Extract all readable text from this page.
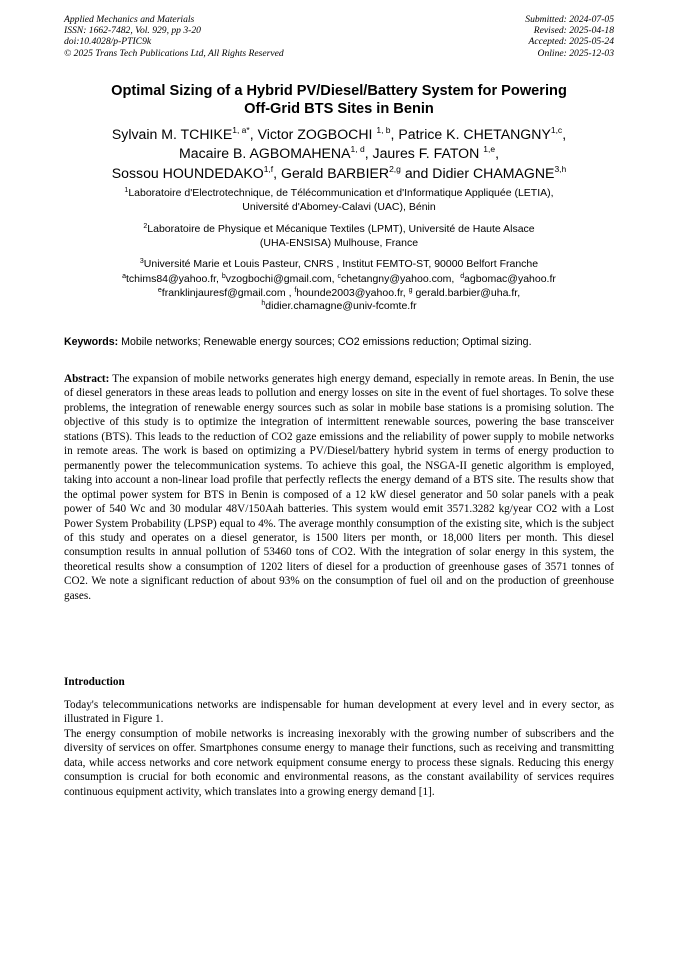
Applied Mechanics and Materials
ISSN: 1662-7482, Vol. 929, pp 3-20
doi:10.4028/p-PTIC9k
© 2025 Trans Tech Publications Ltd, All Rights Reserved
Submitted: 2024-07-05
Revised: 2025-04-18
Accepted: 2025-05-24
Online: 2025-12-03
Optimal Sizing of a Hybrid PV/Diesel/Battery System for Powering
Off-Grid BTS Sites in Benin
Sylvain M. $TCHIKE^{1, a*}$, Victor ZOGBOCHI $^{1, b}$, Patrice K. CHETANGNY$^{1,c}$,
Macaire B. AGBOMAHENA$^{1, d}$, Jaures F. FATON $^{1,e}$,
Sossou HOUNDEDAKO$^{1,f}$, Gerald BARBIER$^{2,g}$ and Didier CHAMAGNE$^{3,h}$
$^1$Laboratoire d'Electrotechnique, de Télécommunication et d'Informatique Appliquée (LETIA),
Université d'Abomey-Calavi (UAC), Bénin
$^2$Laboratoire de Physique et Mécanique Textiles (LPMT), Université de Haute Alsace
(UHA-ENSISA) Mulhouse, France
$^3$Université Marie et Louis Pasteur, CNRS , Institut FEMTO-ST, 90000 Belfort Franche
$^a$tchims84@yahoo.fr, $^b$vzogbochi@gmail.com, $^c$chetangny@yahoo.com,  $^d$agbomac@yahoo.fr
$^e$franklinjauresf@gmail.com , $^f$hounde2003@yahoo.fr, $^g$ gerald.barbier@uha.fr,
$^h$didier.chamagne@univ-fcomte.fr
Keywords: Mobile networks; Renewable energy sources; CO2 emissions reduction; Optimal sizing.

Abstract: The expansion of mobile networks generates high energy demand, especially in remote areas. In Benin, the use of diesel generators in these areas leads to pollution and energy losses on site in the event of fuel shortages. To solve these problems, the integration of renewable energy sources such as solar in mobile base stations is a promising solution. The objective of this study is to optimize the integration of intermittent renewable sources, powering the base transceiver stations (BTS). This leads to the reduction of CO2 gaze emissions and the reliability of power supply to mobile networks in remote areas. The work is based on optimizing a PV/Diesel/battery hybrid system in terms of energy production to permanently power the telecommunication systems. To achieve this goal, the NSGA-II genetic algorithm is employed, taking into account a non-linear load profile that perfectly reflects the energy demand of a BTS site. The results show that the optimal power system for BTS in Benin is composed of a 12 kW diesel generator and 50 solar panels with a peak power of 540 Wc and 30 modular 48V/150Aah batteries. This system would emit 3571.3282 kg/year CO2 with a Lost Power System Probability (LPSP) equal to 4%. The average monthly consumption of the existing site, which is the subject of this study and operates on a diesel generator, is 1500 liters per month, or 18,000 liters per month. This diesel consumption results in annual pollution of 53460 tons of CO2. With the integration of solar energy in this system, the theoretical results show a consumption of 1202 liters of diesel for a production of greenhouse gases of 3571 tonnes of CO2. We note a significant reduction of about 93% on the consumption of fuel oil and on the production of greenhouse gases.

Introduction

Today's telecommunications networks are indispensable for human development at every level and in every sector, as illustrated in Figure 1.

The energy consumption of mobile networks is increasing inexorably with the growing number of subscribers and the diversity of services on offer. Smartphones consume energy to manage their functions, such as receiving and transmitting data, while access networks and core network equipment consume energy to process these signals. Reducing this energy consumption is crucial for both economic and environmental reasons, as the constant availability of services requires continuous equipment activity, which translates into a growing energy demand [1].
